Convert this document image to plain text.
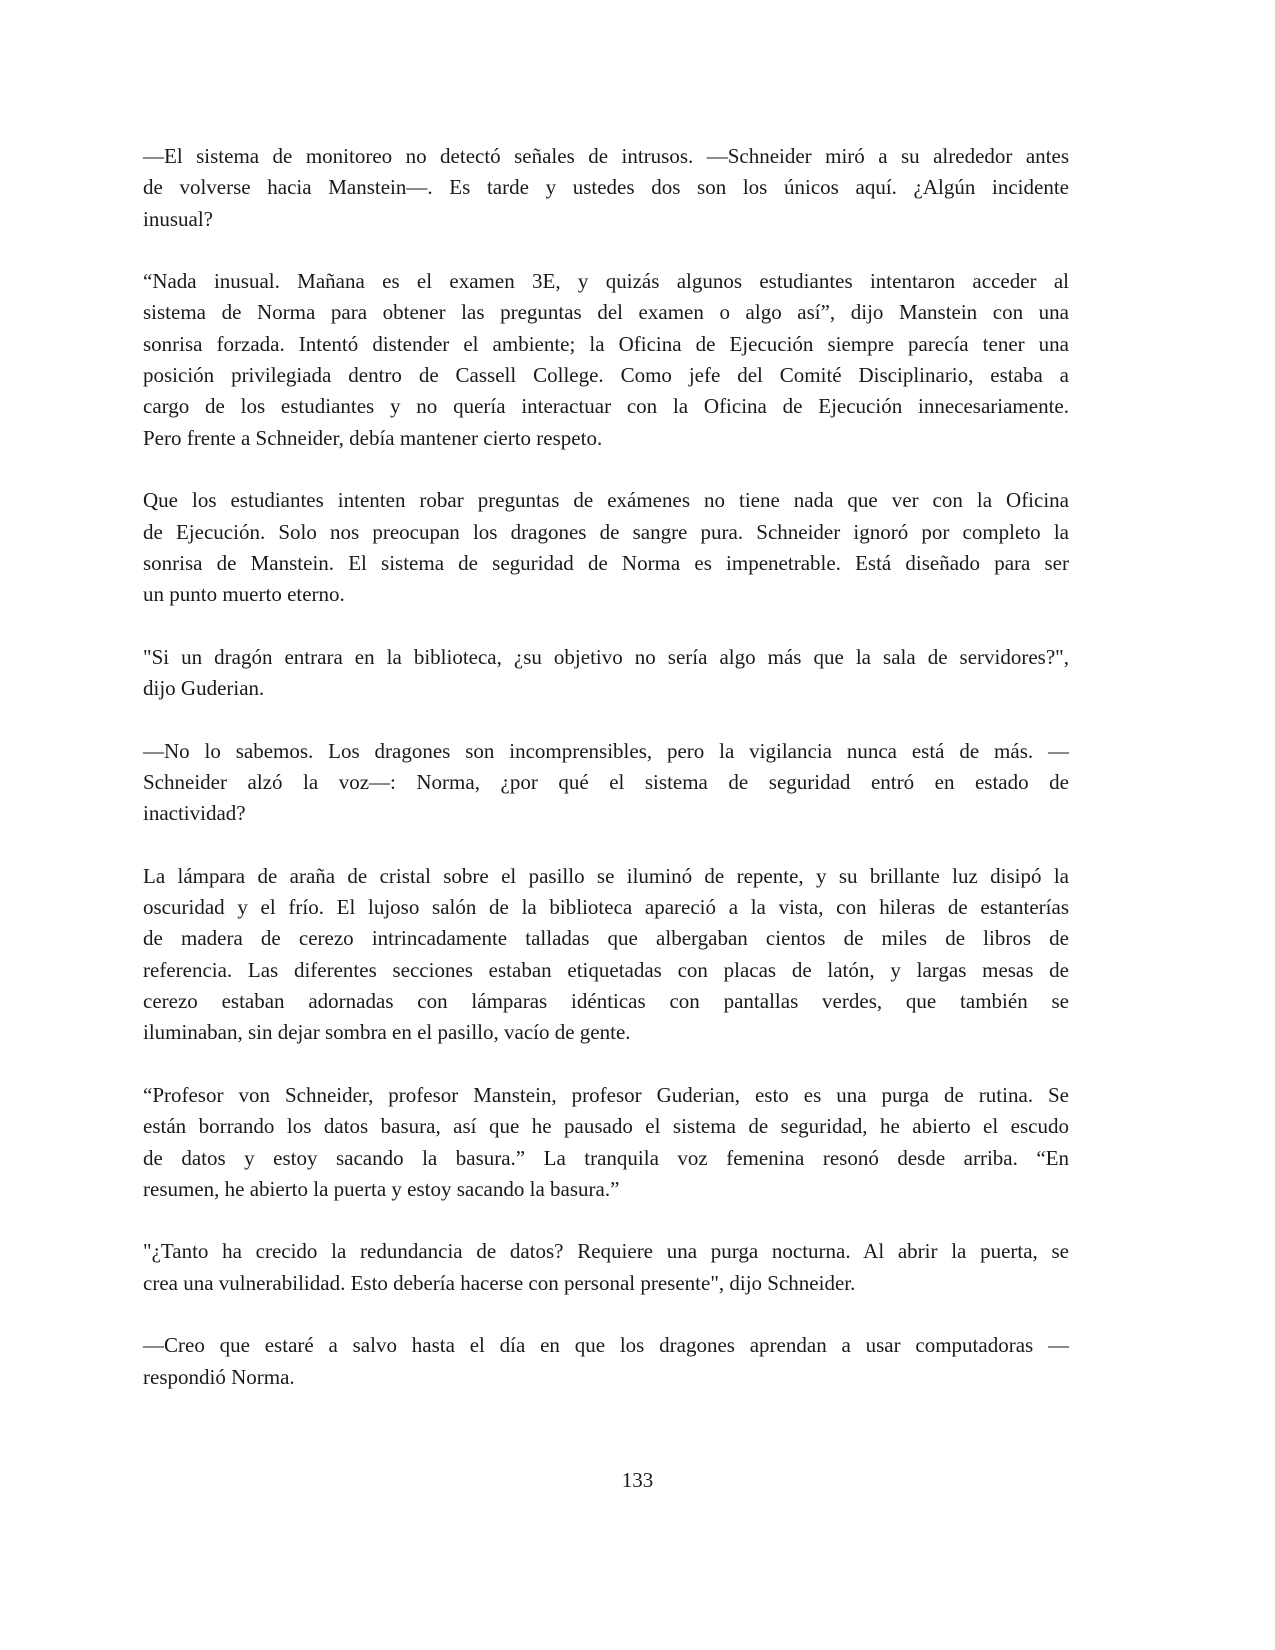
—El sistema de monitoreo no detectó señales de intrusos. —Schneider miró a su alrededor antes
de volverse hacia Manstein—. Es tarde y ustedes dos son los únicos aquí. ¿Algún incidente
inusual?
“Nada inusual. Mañana es el examen 3E, y quizás algunos estudiantes intentaron acceder al
sistema de Norma para obtener las preguntas del examen o algo así”, dijo Manstein con una
sonrisa forzada. Intentó distender el ambiente; la Oficina de Ejecución siempre parecía tener una
posición privilegiada dentro de Cassell College. Como jefe del Comité Disciplinario, estaba a
cargo de los estudiantes y no quería interactuar con la Oficina de Ejecución innecesariamente.
Pero frente a Schneider, debía mantener cierto respeto.
Que los estudiantes intenten robar preguntas de exámenes no tiene nada que ver con la Oficina
de Ejecución. Solo nos preocupan los dragones de sangre pura. Schneider ignoró por completo la
sonrisa de Manstein. El sistema de seguridad de Norma es impenetrable. Está diseñado para ser
un punto muerto eterno.
"Si un dragón entrara en la biblioteca, ¿su objetivo no sería algo más que la sala de servidores?",
dijo Guderian.
—No lo sabemos. Los dragones son incomprensibles, pero la vigilancia nunca está de más. —
Schneider alzó la voz—: Norma, ¿por qué el sistema de seguridad entró en estado de
inactividad?
La lámpara de araña de cristal sobre el pasillo se iluminó de repente, y su brillante luz disipó la
oscuridad y el frío. El lujoso salón de la biblioteca apareció a la vista, con hileras de estanterías
de madera de cerezo intrincadamente talladas que albergaban cientos de miles de libros de
referencia. Las diferentes secciones estaban etiquetadas con placas de latón, y largas mesas de
cerezo estaban adornadas con lámparas idénticas con pantallas verdes, que también se
iluminaban, sin dejar sombra en el pasillo, vacío de gente.
“Profesor von Schneider, profesor Manstein, profesor Guderian, esto es una purga de rutina. Se
están borrando los datos basura, así que he pausado el sistema de seguridad, he abierto el escudo
de datos y estoy sacando la basura.” La tranquila voz femenina resonó desde arriba. “En
resumen, he abierto la puerta y estoy sacando la basura.”
"¿Tanto ha crecido la redundancia de datos? Requiere una purga nocturna. Al abrir la puerta, se
crea una vulnerabilidad. Esto debería hacerse con personal presente", dijo Schneider.
—Creo que estaré a salvo hasta el día en que los dragones aprendan a usar computadoras —
respondió Norma.
133
